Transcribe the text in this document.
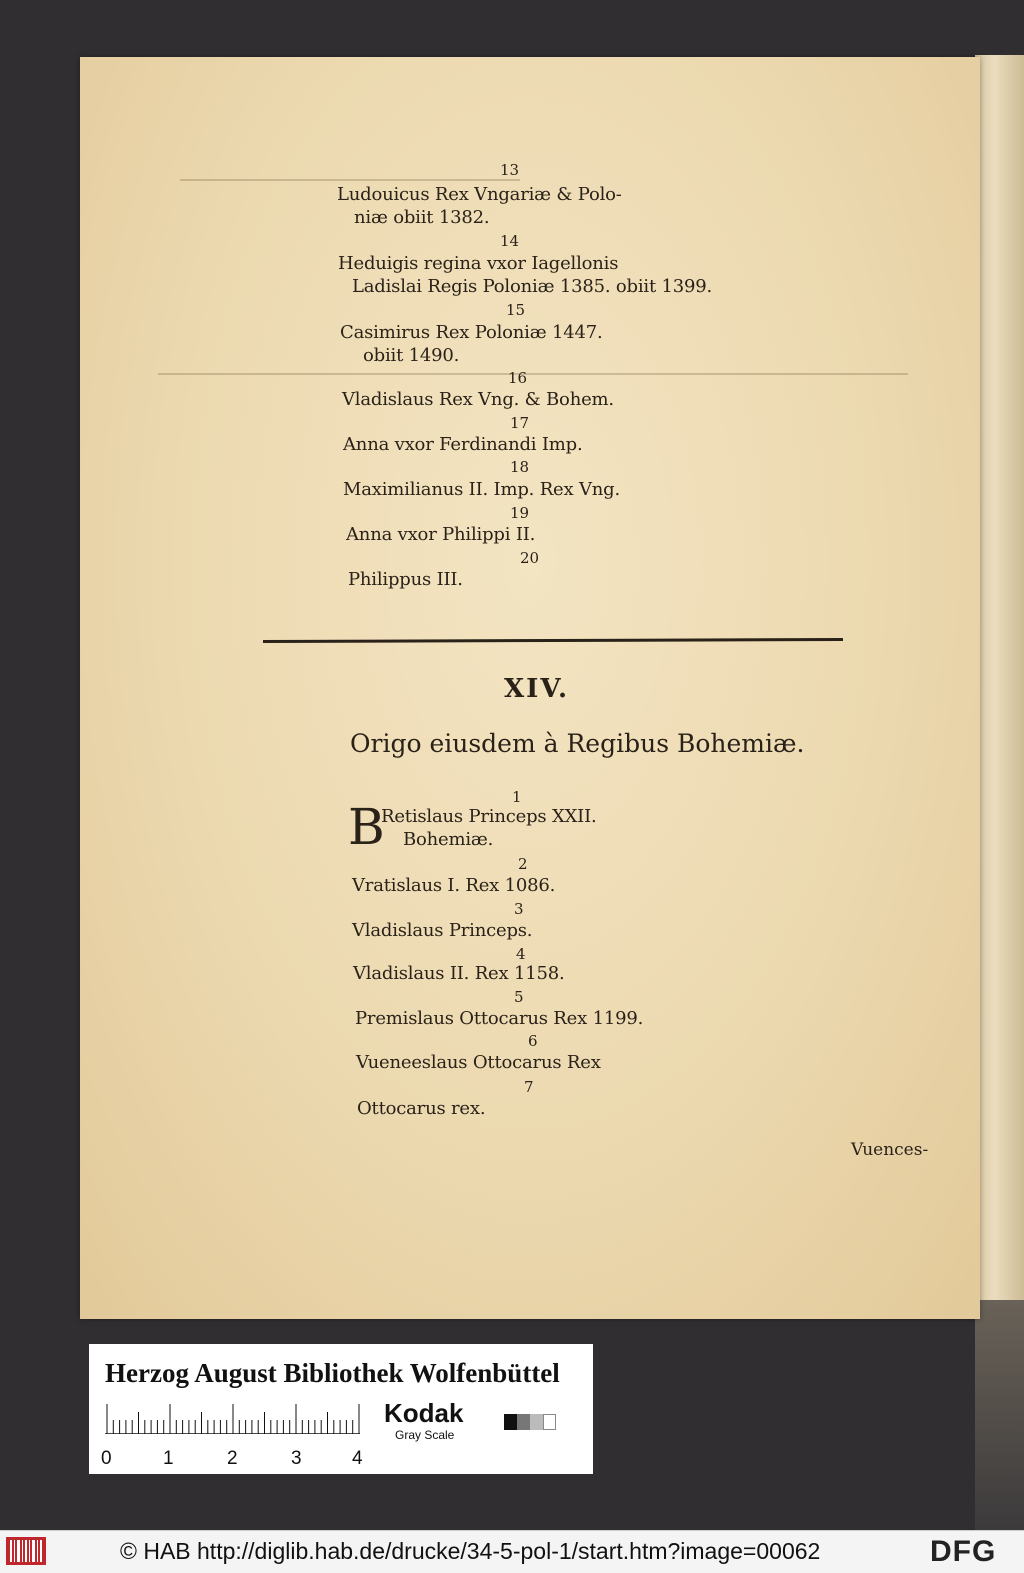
13
Ludouicus Rex Vngariæ & Polo-
niæ obiit 1382.
14
Heduigis regina vxor Iagellonis
Ladislai Regis Poloniæ 1385. obiit 1399.
15
Casimirus Rex Poloniæ 1447.
obiit 1490.
16
Vladislaus Rex Vng. & Bohem.
17
Anna vxor Ferdinandi Imp.
18
Maximilianus II. Imp. Rex Vng.
19
Anna vxor Philippi II.
20
Philippus III.
XIV.
Origo eiusdem à Regibus Bohemiæ.
1
B
Retislaus Princeps XXII.
Bohemiæ.
2
Vratislaus I. Rex 1086.
3
Vladislaus Princeps.
4
Vladislaus II. Rex 1158.
5
Premislaus Ottocarus Rex 1199.
6
Vueneeslaus Ottocarus Rex
7
Ottocarus rex.
Vuences-
Herzog August Bibliothek Wolfenbüttel
0	1	2	3	4
Kodak
Gray Scale
© HAB http://diglib.hab.de/drucke/34-5-pol-1/start.htm?image=00062	DFG
